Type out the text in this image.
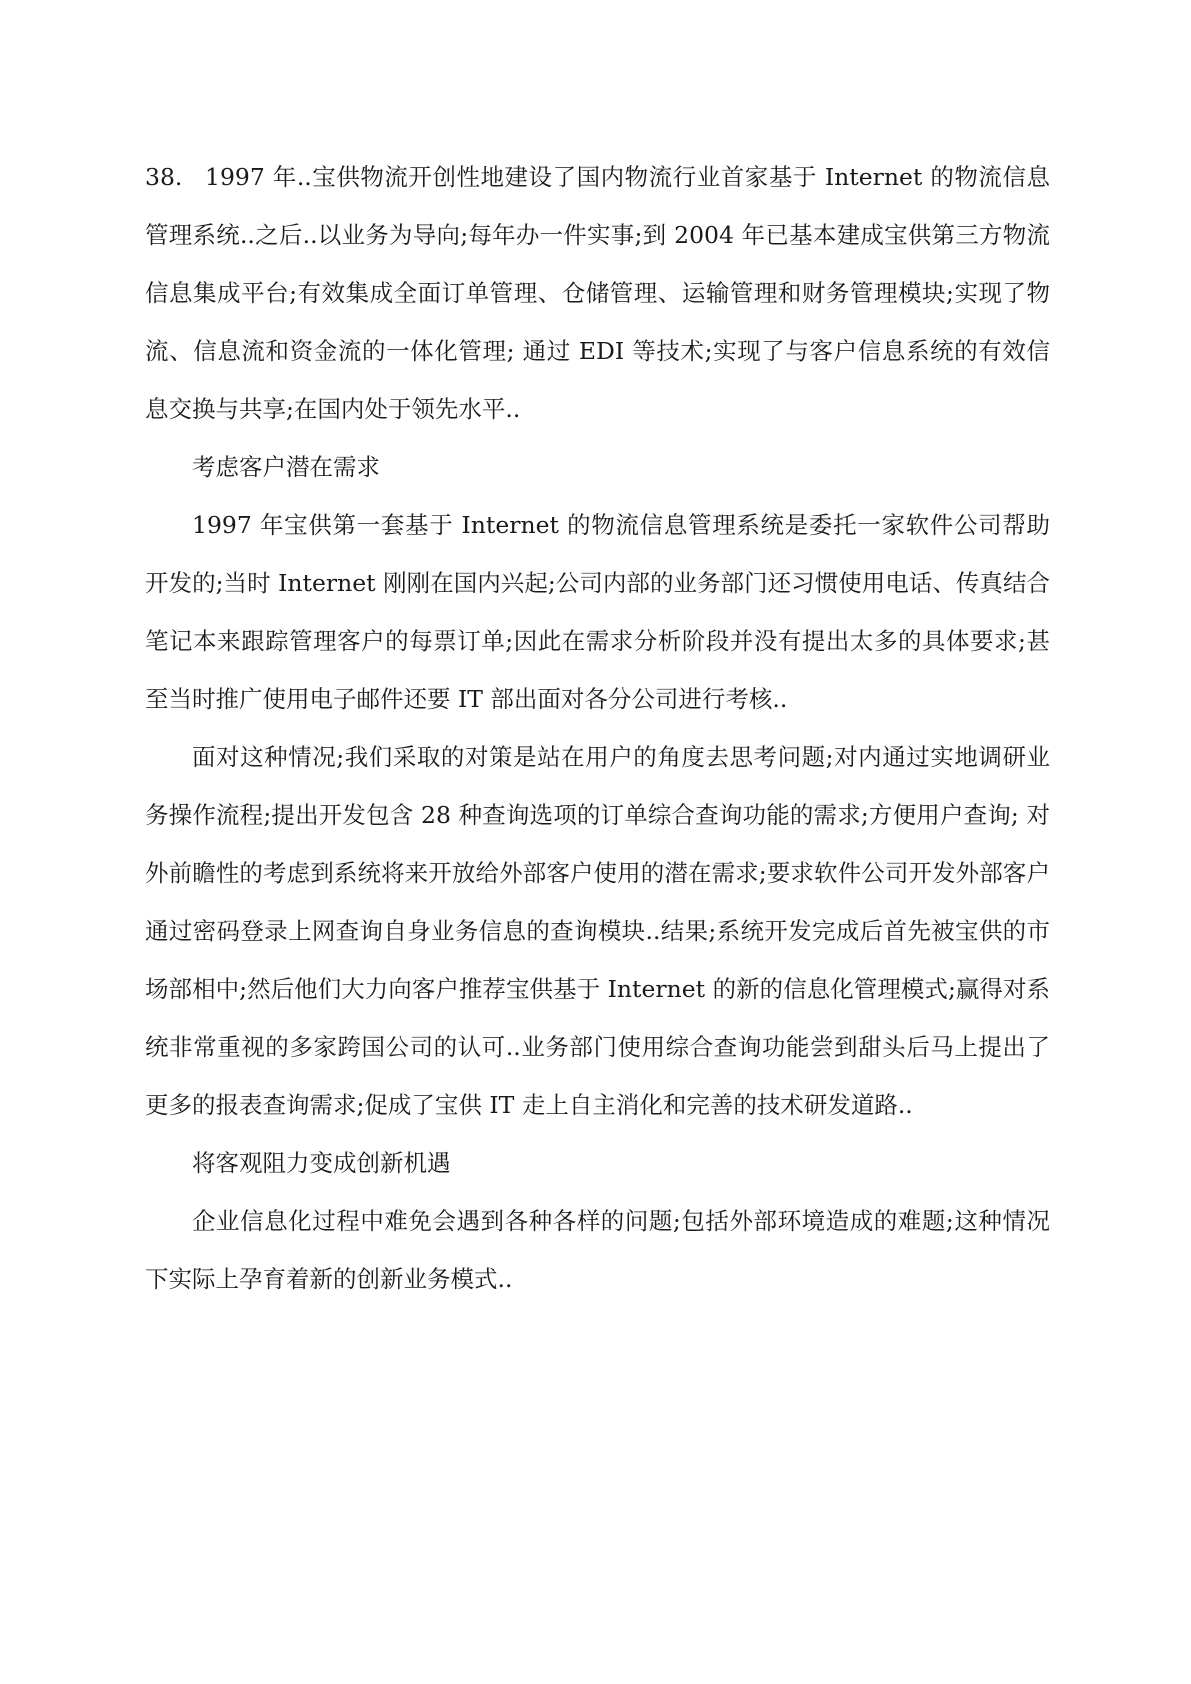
38. 1997 年..宝供物流开创性地建设了国内物流行业首家基于 Internet 的物流信息管理系统..之后..以业务为导向;每年办一件实事;到 2004 年已基本建成宝供第三方物流信息集成平台;有效集成全面订单管理、仓储管理、运输管理和财务管理模块;实现了物流、信息流和资金流的一体化管理; 通过 EDI 等技术;实现了与客户信息系统的有效信息交换与共享;在国内处于领先水平..

考虑客户潜在需求

1997 年宝供第一套基于 Internet 的物流信息管理系统是委托一家软件公司帮助开发的;当时 Internet 刚刚在国内兴起;公司内部的业务部门还习惯使用电话、传真结合笔记本来跟踪管理客户的每票订单;因此在需求分析阶段并没有提出太多的具体要求;甚至当时推广使用电子邮件还要 IT 部出面对各分公司进行考核..

面对这种情况;我们采取的对策是站在用户的角度去思考问题;对内通过实地调研业务操作流程;提出开发包含 28 种查询选项的订单综合查询功能的需求;方便用户查询; 对外前瞻性的考虑到系统将来开放给外部客户使用的潜在需求;要求软件公司开发外部客户通过密码登录上网查询自身业务信息的查询模块..结果;系统开发完成后首先被宝供的市场部相中;然后他们大力向客户推荐宝供基于 Internet 的新的信息化管理模式;赢得对系统非常重视的多家跨国公司的认可..业务部门使用综合查询功能尝到甜头后马上提出了更多的报表查询需求;促成了宝供 IT 走上自主消化和完善的技术研发道路..

将客观阻力变成创新机遇

企业信息化过程中难免会遇到各种各样的问题;包括外部环境造成的难题;这种情况下实际上孕育着新的创新业务模式..
